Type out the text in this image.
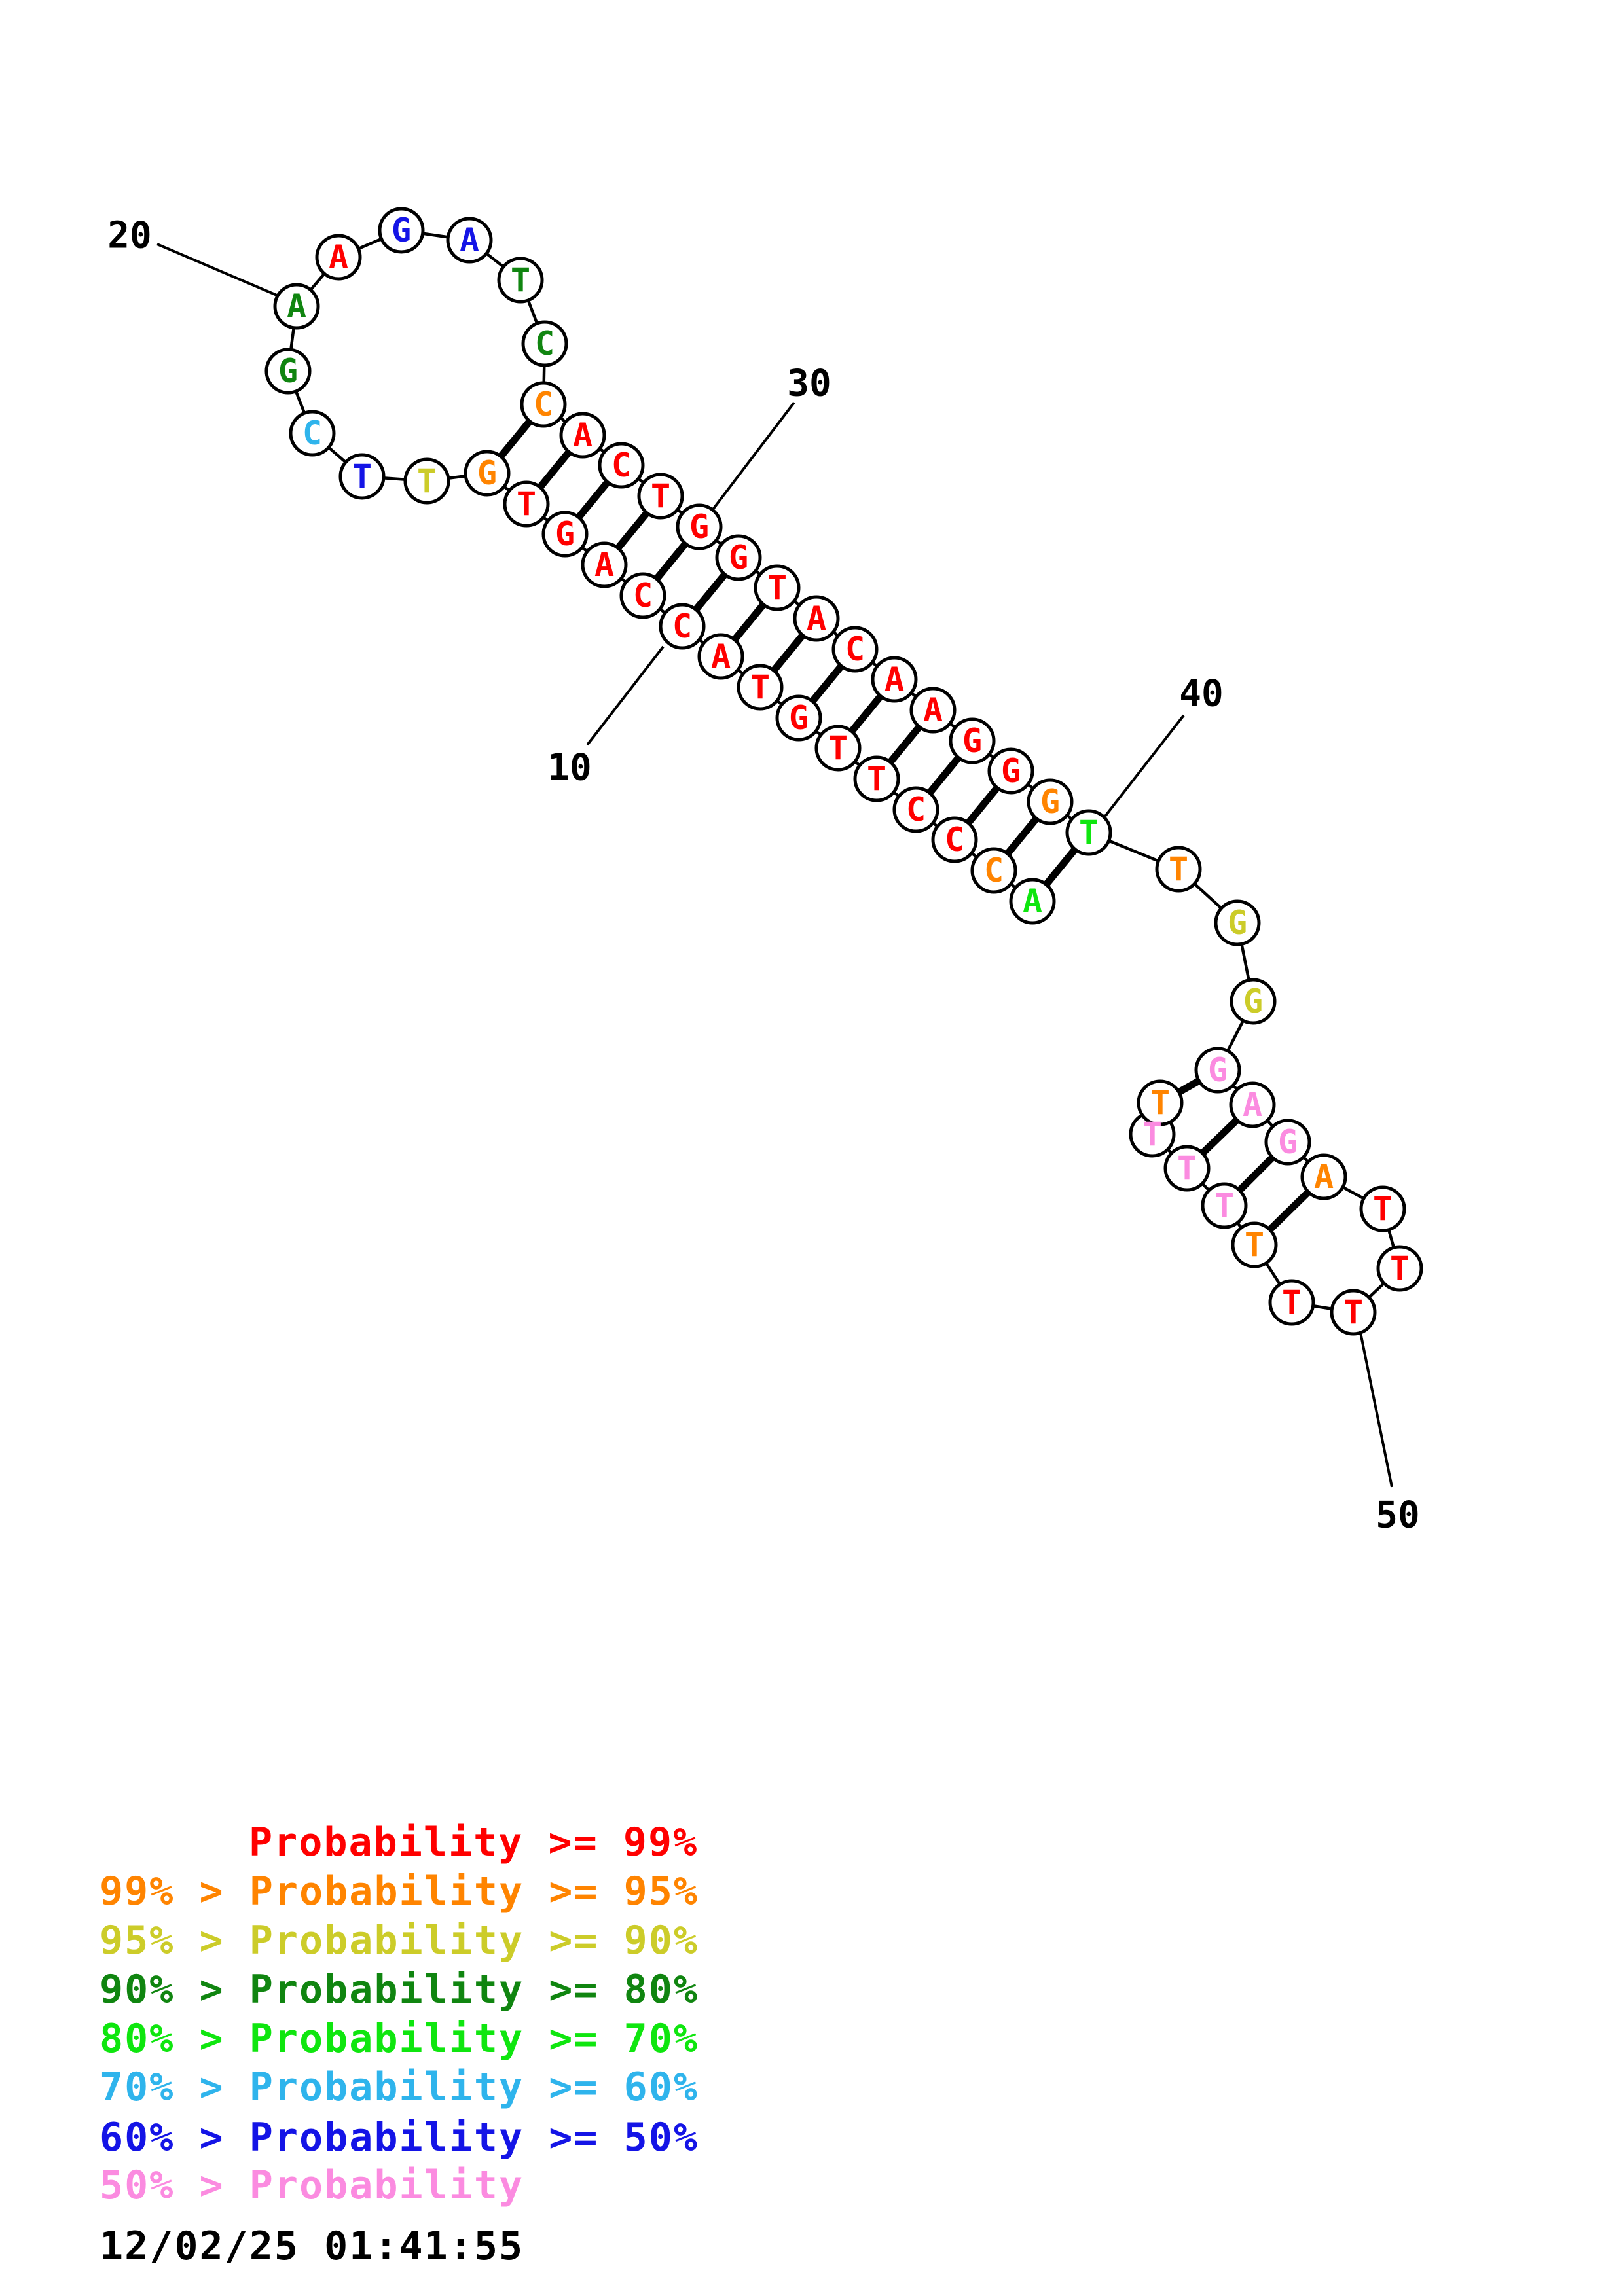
A
C
C
C
T
T
G
T
A
C
C
A
G
T
G
T
T
C
G
A
A
G A
T
C
C
A
C
T
G
G
T
A
C
A
A
G
G
G
T
T
G
G
G
A
G
A
T
T
T
T
T
T
T
T
T
10
20
30
40
50
Probability >= 99%
99% > Probability >= 95%
95% > Probability >= 90%
90% > Probability >= 80%
80% > Probability >= 70%
70% > Probability >= 60%
60% > Probability >= 50%
50% > Probability
12/02/25 01:41:55
